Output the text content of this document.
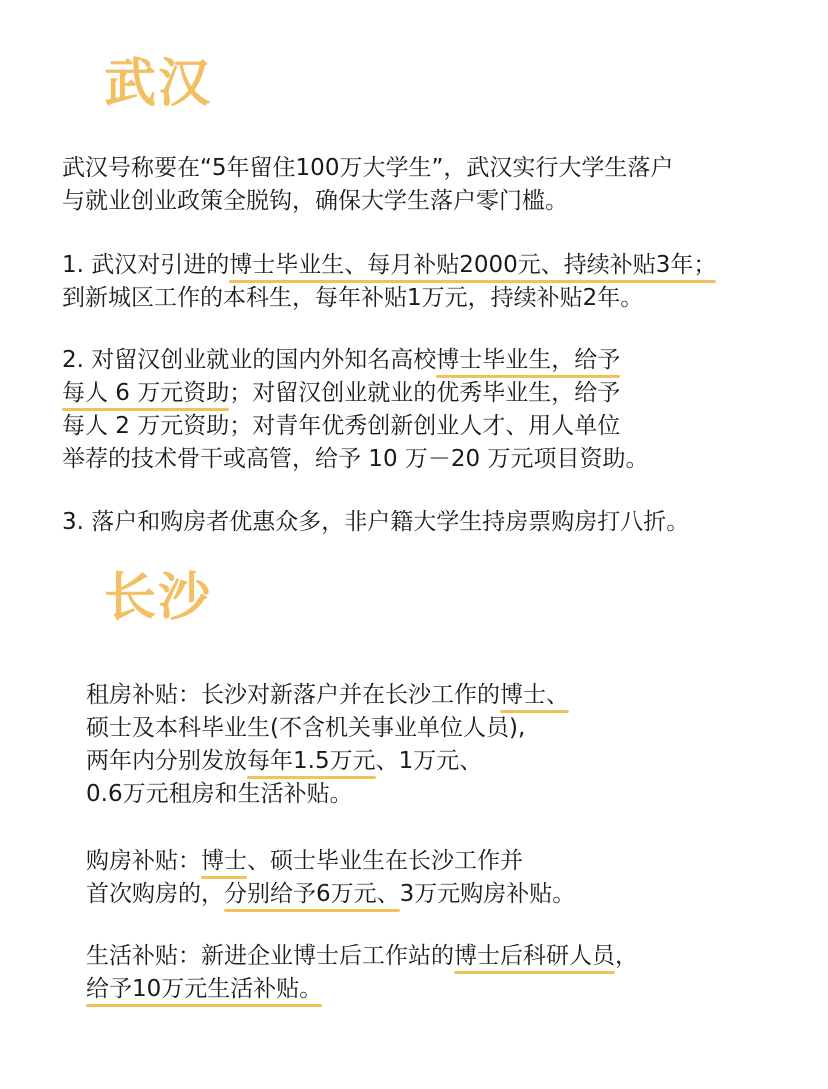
武汉
武汉号称要在“5年留住100万大学生”，武汉实行大学生落户
与就业创业政策全脱钩，确保大学生落户零门槛。
1. 武汉对引进的博士毕业生、每月补贴2000元、持续补贴3年；
到新城区工作的本科生，每年补贴1万元，持续补贴2年。
2. 对留汉创业就业的国内外知名高校博士毕业生，给予
每人 6 万元资助；对留汉创业就业的优秀毕业生，给予
每人 2 万元资助；对青年优秀创新创业人才、用人单位
举荐的技术骨干或高管，给予 10 万－20 万元项目资助。
3. 落户和购房者优惠众多，非户籍大学生持房票购房打八折。
长沙
租房补贴：长沙对新落户并在长沙工作的博士、
硕士及本科毕业生(不含机关事业单位人员),
两年内分别发放每年1.5万元、1万元、
0.6万元租房和生活补贴。
购房补贴：博士、硕士毕业生在长沙工作并
首次购房的，分别给予6万元、3万元购房补贴。
生活补贴：新进企业博士后工作站的博士后科研人员，
给予10万元生活补贴。
